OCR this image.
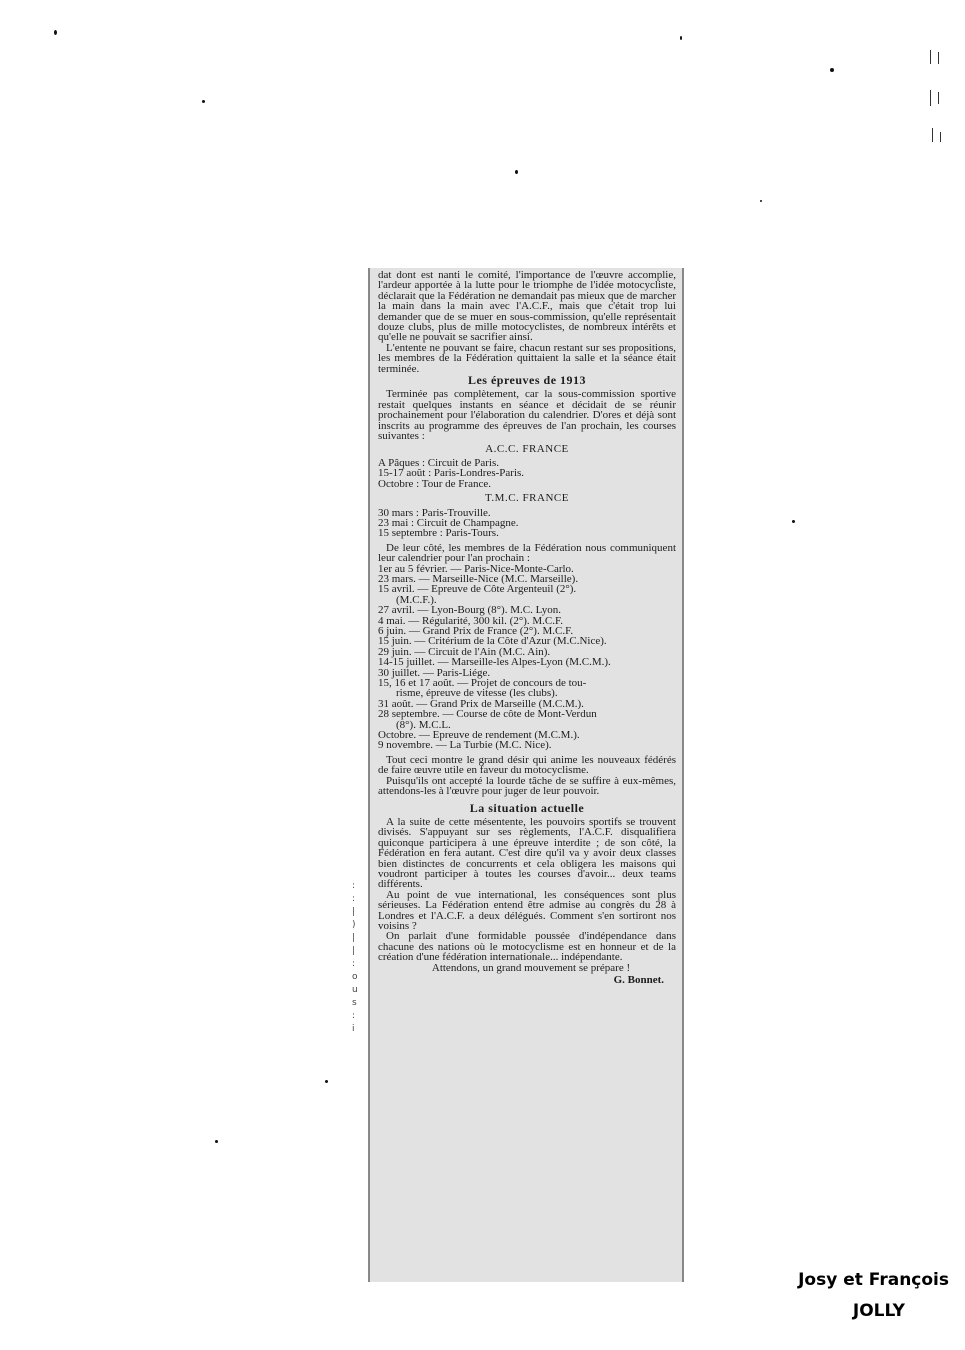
:
:
|
)
|
|
:
o
u
s
:
i

dat dont est nanti le comité, l'importance de l'œuvre accomplie, l'ardeur apportée à la lutte pour le triomphe de l'idée motocycliste, déclarait que la Fédération ne demandait pas mieux que de marcher la main dans la main avec l'A.C.F., mais que c'était trop lui demander que de se muer en sous-commission, qu'elle représentait douze clubs, plus de mille motocyclistes, de nombreux intérêts et qu'elle ne pouvait se sacrifier ainsi.

L'entente ne pouvant se faire, chacun restant sur ses propositions, les membres de la Fédération quittaient la salle et la séance était terminée.

Les épreuves de 1913

Terminée pas complètement, car la sous-commission sportive restait quelques instants en séance et décidait de se réunir prochainement pour l'élaboration du calendrier. D'ores et déjà sont inscrits au programme des épreuves de l'an prochain, les courses suivantes :

A.C.C. FRANCE
A Pâques : Circuit de Paris.
15-17 août : Paris-Londres-Paris.
Octobre : Tour de France.
T.M.C. FRANCE
30 mars : Paris-Trouville.
23 mai : Circuit de Champagne.
15 septembre : Paris-Tours.

De leur côté, les membres de la Fédération nous communiquent leur calendrier pour l'an prochain :

1er au 5 février. — Paris-Nice-Monte-Carlo.
23 mars. — Marseille-Nice (M.C. Marseille).
15 avril. — Epreuve de Côte Argenteuil (2°).
(M.C.F.).
27 avril. — Lyon-Bourg (8°). M.C. Lyon.
4 mai. — Régularité, 300 kil. (2°). M.C.F.
6 juin. — Grand Prix de France (2°). M.C.F.
15 juin. — Critérium de la Côte d'Azur (M.C.Nice).
29 juin. — Circuit de l'Ain (M.C. Ain).
14-15 juillet. — Marseille-les Alpes-Lyon (M.C.M.).
30 juillet. — Paris-Liége.
15, 16 et 17 août. — Projet de concours de tou-
risme, épreuve de vitesse (les clubs).
31 août. — Grand Prix de Marseille (M.C.M.).
28 septembre. — Course de côte de Mont-Verdun
(8°). M.C.L.
Octobre. — Epreuve de rendement (M.C.M.).
9 novembre. — La Turbie (M.C. Nice).

Tout ceci montre le grand désir qui anime les nouveaux fédérés de faire œuvre utile en faveur du motocyclisme.

Puisqu'ils ont accepté la lourde tâche de se suffire à eux-mêmes, attendons-les à l'œuvre pour juger de leur pouvoir.

La situation actuelle

A la suite de cette mésentente, les pouvoirs sportifs se trouvent divisés. S'appuyant sur ses règlements, l'A.C.F. disqualifiera quiconque participera à une épreuve interdite ; de son côté, la Fédération en fera autant. C'est dire qu'il va y avoir deux classes bien distinctes de concurrents et cela obligera les maisons qui voudront participer à toutes les courses d'avoir... deux teams différents.

Au point de vue international, les conséquences sont plus sérieuses. La Fédération entend être admise au congrès du 28 à Londres et l'A.C.F. a deux délégués. Comment s'en sortiront nos voisins ?

On parlait d'une formidable poussée d'indépendance dans chacune des nations où le motocyclisme est en honneur et de la création d'une fédération internationale... indépendante.

Attendons, un grand mouvement se prépare !

G. Bonnet.
Josy et François
JOLLY
